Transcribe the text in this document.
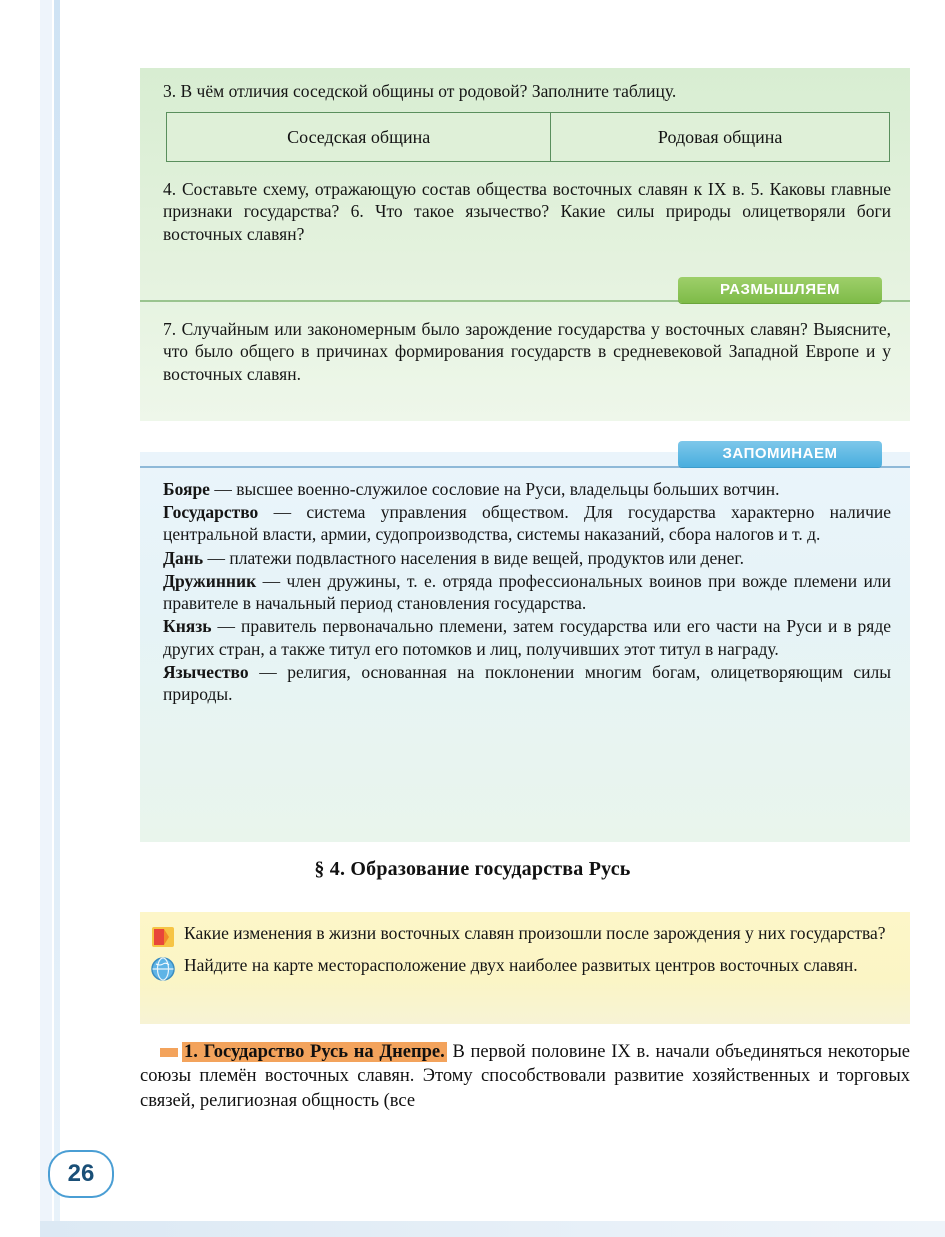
3. В чём отличия соседской общины от родовой? Заполните таблицу.
Соседская община	Родовая община
4. Составьте схему, отражающую состав общества восточных славян к IX в. 5. Каковы главные признаки государства? 6. Что такое язычество? Какие силы природы олицетворяли боги восточных славян?
РАЗМЫШЛЯЕМ
7. Случайным или закономерным было зарождение государства у восточных славян? Выясните, что было общего в причинах формирования государств в средневековой Западной Европе и у восточных славян.
ЗАПОМИНАЕМ
Бояре — высшее военно-служилое сословие на Руси, владельцы больших вотчин.
Государство — система управления обществом. Для государства характерно наличие центральной власти, армии, судопроизводства, системы наказаний, сбора налогов и т. д.
Дань — платежи подвластного населения в виде вещей, продуктов или денег.
Дружинник — член дружины, т. е. отряда профессиональных воинов при вожде племени или правителе в начальный период становления государства.
Князь — правитель первоначально племени, затем государства или его части на Руси и в ряде других стран, а также титул его потомков и лиц, получивших этот титул в награду.
Язычество — религия, основанная на поклонении многим богам, олицетворяющим силы природы.
§ 4. Образование государства Русь
Какие изменения в жизни восточных славян произошли после зарождения у них государства?
Найдите на карте месторасположение двух наиболее развитых центров восточных славян.
1. Государство Русь на Днепре. В первой половине IX в. начали объединяться некоторые союзы племён восточных славян. Этому способствовали развитие хозяйственных и торговых связей, религиозная общность (все
26
